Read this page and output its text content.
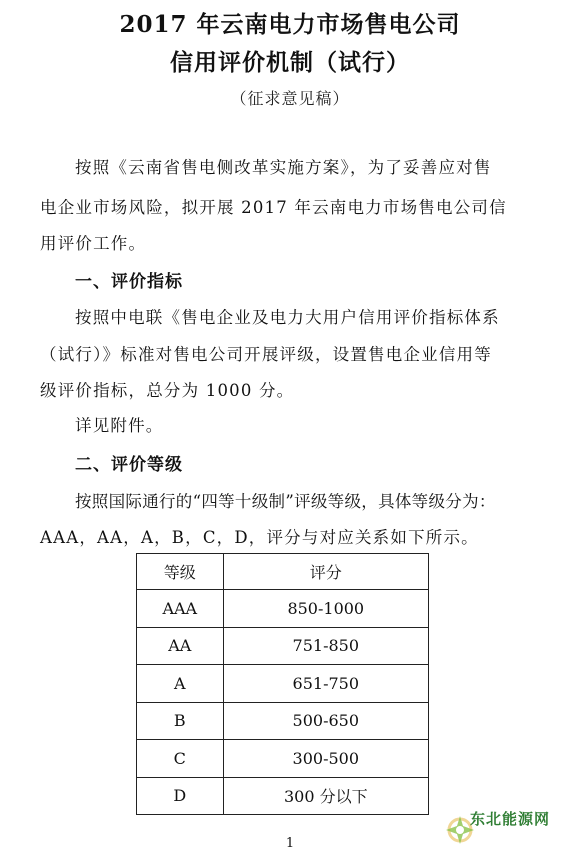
2017 年云南电力市场售电公司
信用评价机制（试行）
（征求意见稿）
按照《云南省售电侧改革实施方案》，为了妥善应对售
电企业市场风险，拟开展 2017 年云南电力市场售电公司信
用评价工作。
一、评价指标
按照中电联《售电企业及电力大用户信用评价指标体系
（试行）》标准对售电公司开展评级，设置售电企业信用等
级评价指标，总分为 1000 分。
详见附件。
二、评价等级
按照国际通行的“四等十级制”评级等级，具体等级分为：
AAA，AA，A，B，C，D，评分与对应关系如下所示。
等级	评分
AAA	850-1000
AA	751-850
A	651-750
B	500-650
C	300-500
D	300 分以下
1
东北能源网
